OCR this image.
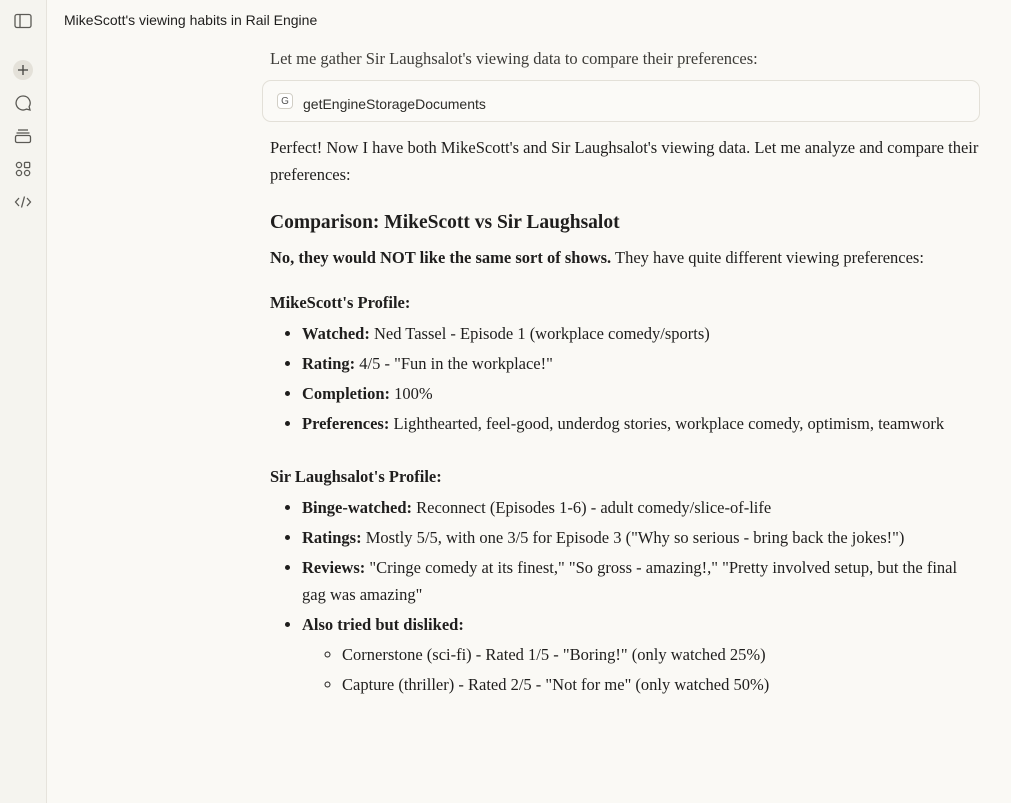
MikeScott's viewing habits in Rail Engine

Let me gather Sir Laughsalot's viewing data to compare their preferences:

G getEngineStorageDocuments

Perfect! Now I have both MikeScott's and Sir Laughsalot's viewing data. Let me analyze and compare their preferences:

Comparison: MikeScott vs Sir Laughsalot

No, they would NOT like the same sort of shows. They have quite different viewing preferences:

MikeScott's Profile:

• Watched: Ned Tassel - Episode 1 (workplace comedy/sports)
• Rating: 4/5 - "Fun in the workplace!"
• Completion: 100%
• Preferences: Lighthearted, feel-good, underdog stories, workplace comedy, optimism, teamwork

Sir Laughsalot's Profile:

• Binge-watched: Reconnect (Episodes 1-6) - adult comedy/slice-of-life
• Ratings: Mostly 5/5, with one 3/5 for Episode 3 ("Why so serious - bring back the jokes!")
• Reviews: "Cringe comedy at its finest," "So gross - amazing!," "Pretty involved setup, but the final gag was amazing"
• Also tried but disliked:
◦ Cornerstone (sci-fi) - Rated 1/5 - "Boring!" (only watched 25%)
◦ Capture (thriller) - Rated 2/5 - "Not for me" (only watched 50%)
